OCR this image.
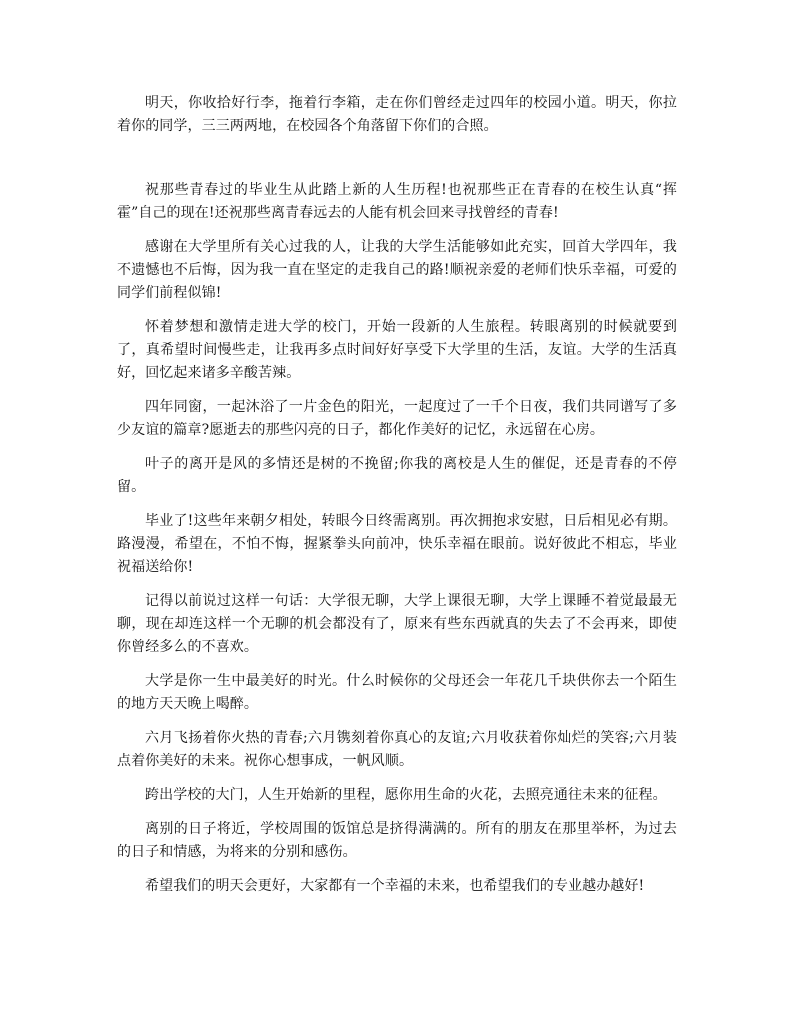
明天，你收拾好行李，拖着行李箱，走在你们曾经走过四年的校园小道。明天，你拉着你的同学，三三两两地，在校园各个角落留下你们的合照。

祝那些青春过的毕业生从此踏上新的人生历程!也祝那些正在青春的在校生认真“挥霍”自己的现在!还祝那些离青春远去的人能有机会回来寻找曾经的青春!

感谢在大学里所有关心过我的人，让我的大学生活能够如此充实，回首大学四年，我不遗憾也不后悔，因为我一直在坚定的走我自己的路!顺祝亲爱的老师们快乐幸福，可爱的同学们前程似锦!

怀着梦想和激情走进大学的校门，开始一段新的人生旅程。转眼离别的时候就要到了，真希望时间慢些走，让我再多点时间好好享受下大学里的生活，友谊。大学的生活真好，回忆起来诸多辛酸苦辣。

四年同窗，一起沐浴了一片金色的阳光，一起度过了一千个日夜，我们共同谱写了多少友谊的篇章?愿逝去的那些闪亮的日子，都化作美好的记忆，永远留在心房。

叶子的离开是风的多情还是树的不挽留;你我的离校是人生的催促，还是青春的不停留。

毕业了!这些年来朝夕相处，转眼今日终需离别。再次拥抱求安慰，日后相见必有期。路漫漫，希望在，不怕不悔，握紧拳头向前冲，快乐幸福在眼前。说好彼此不相忘，毕业祝福送给你!

记得以前说过这样一句话：大学很无聊，大学上课很无聊，大学上课睡不着觉最最无聊，现在却连这样一个无聊的机会都没有了，原来有些东西就真的失去了不会再来，即使你曾经多么的不喜欢。

大学是你一生中最美好的时光。什么时候你的父母还会一年花几千块供你去一个陌生的地方天天晚上喝醉。

六月飞扬着你火热的青春;六月镌刻着你真心的友谊;六月收获着你灿烂的笑容;六月装点着你美好的未来。祝你心想事成，一帆风顺。

跨出学校的大门，人生开始新的里程，愿你用生命的火花，去照亮通往未来的征程。

离别的日子将近，学校周围的饭馆总是挤得满满的。所有的朋友在那里举杯，为过去的日子和情感，为将来的分别和感伤。

希望我们的明天会更好，大家都有一个幸福的未来，也希望我们的专业越办越好!
